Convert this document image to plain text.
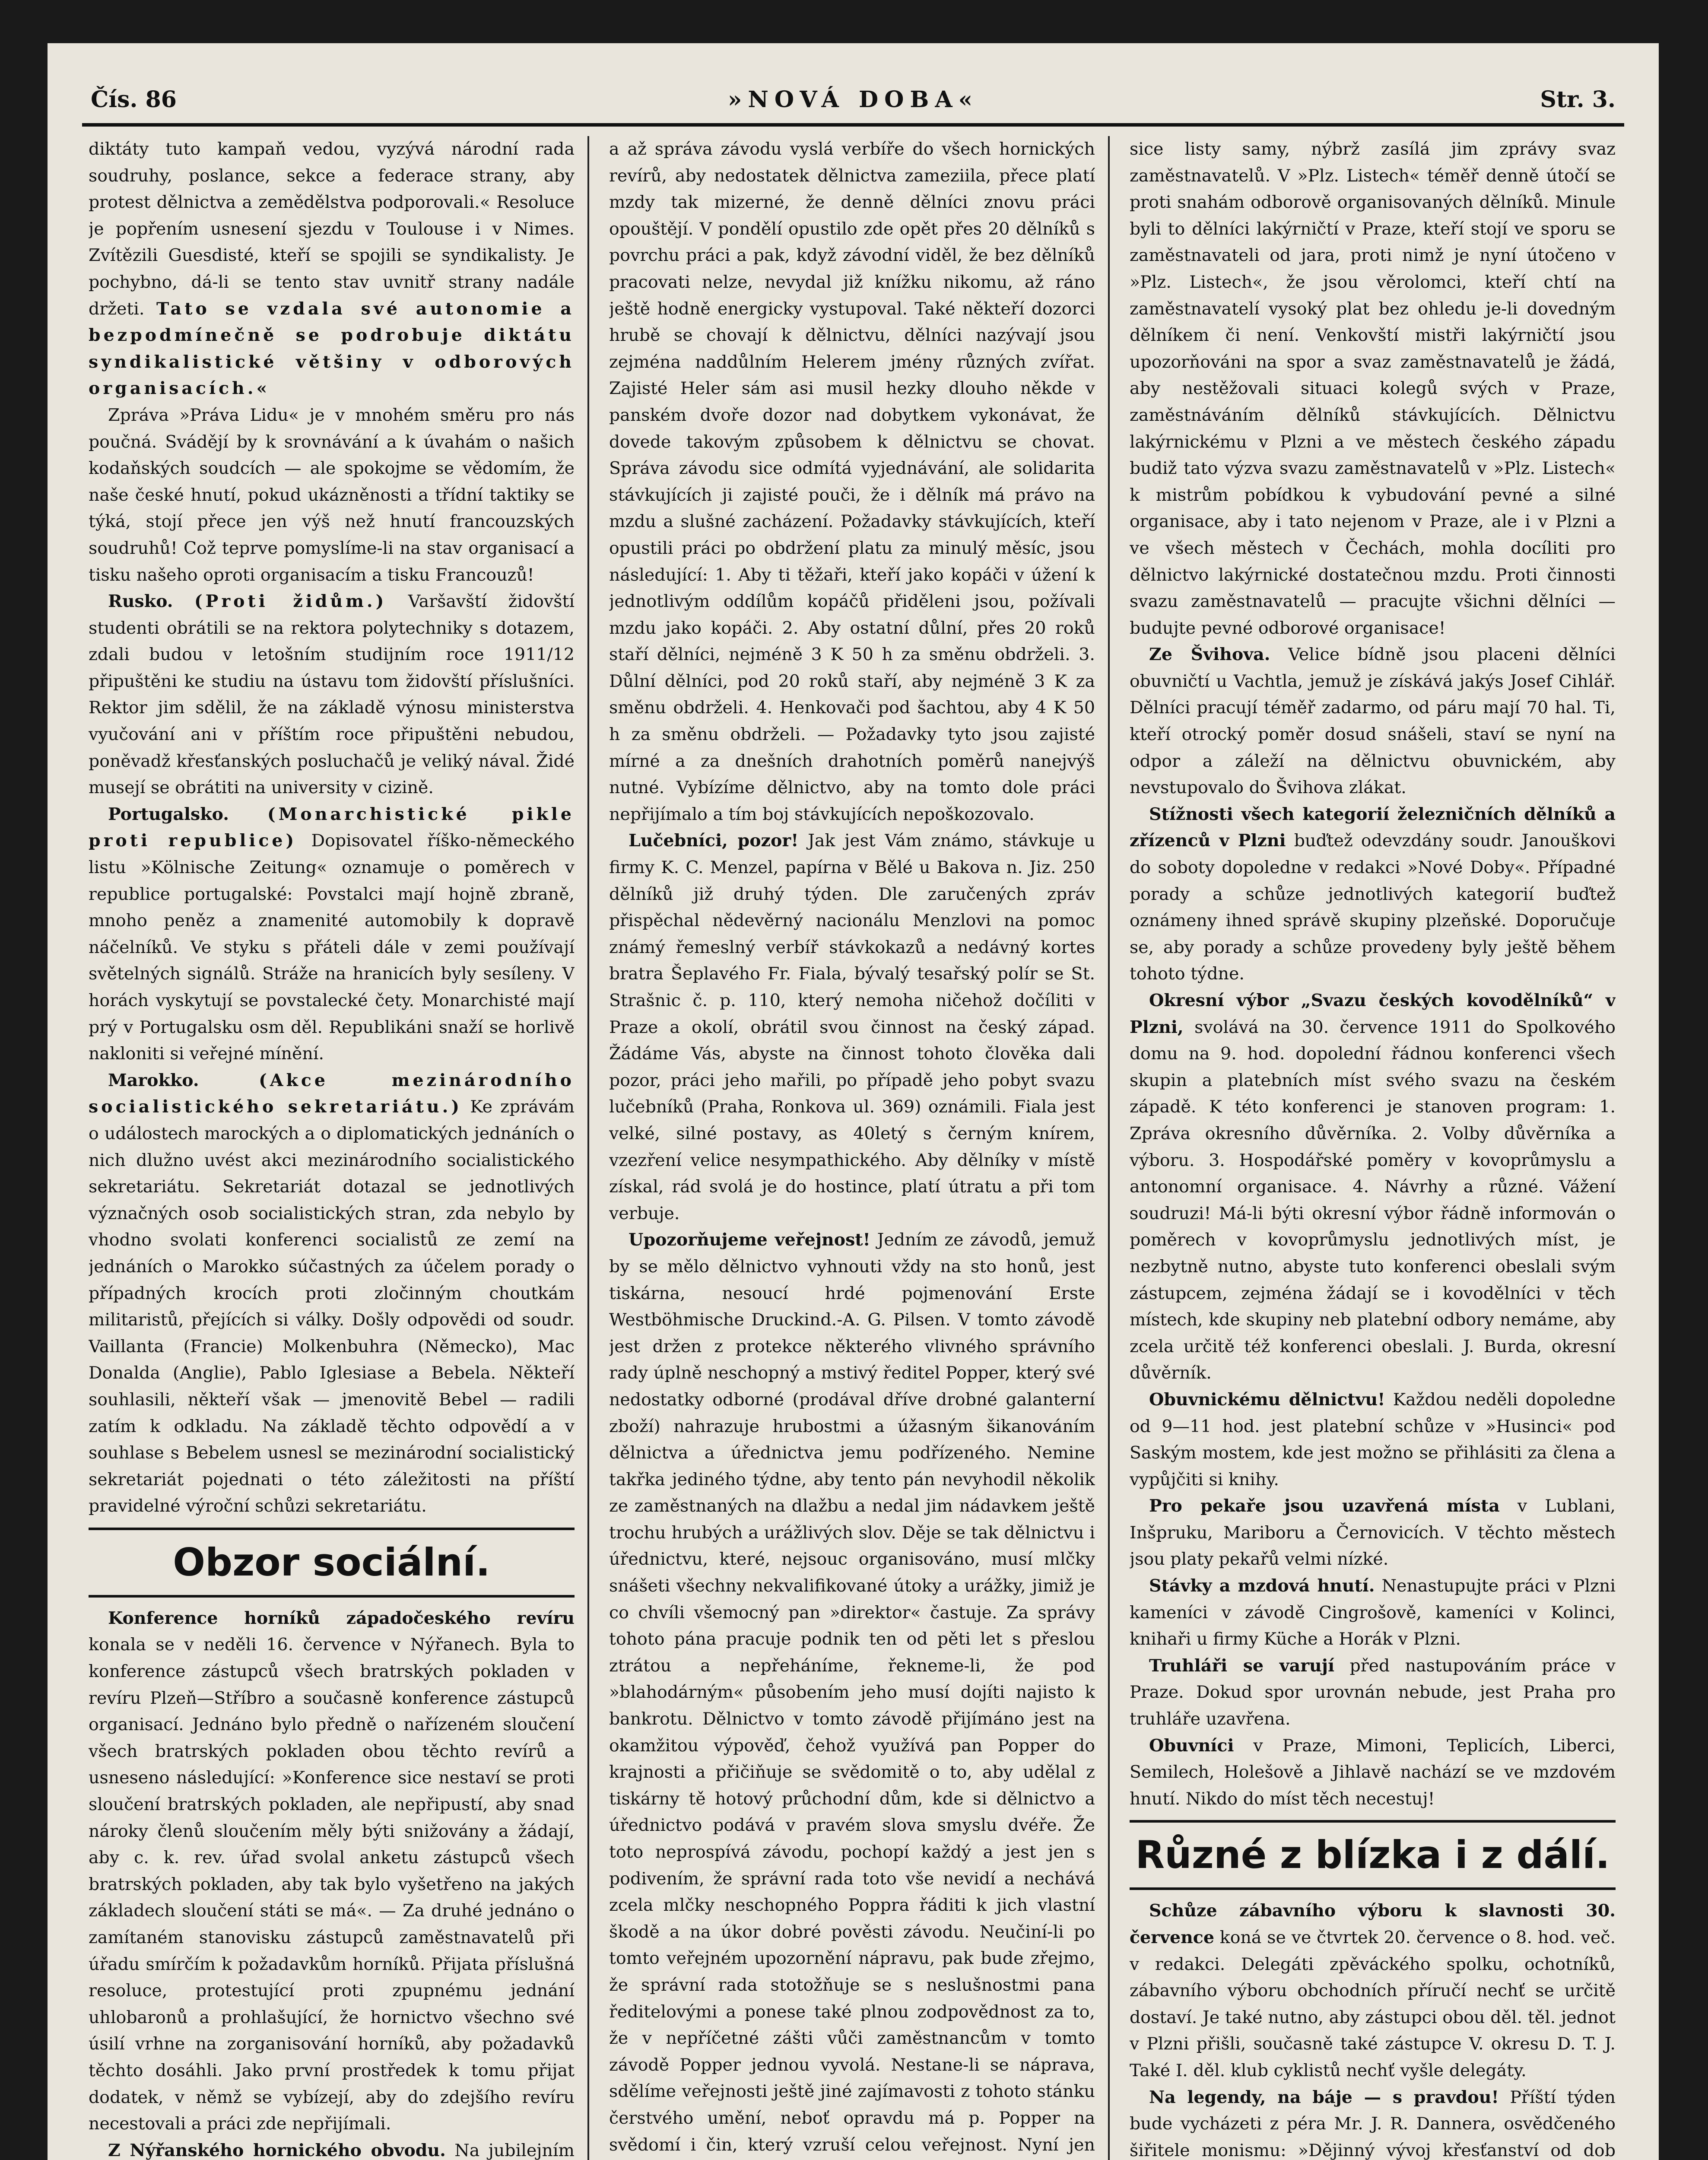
Čís. 86	»NOVÁ DOBA«	Str. 3.

diktáty tuto kampaň vedou, vyzývá národní rada soudruhy, poslance, sekce a federace strany, aby protest dělnictva a zemědělstva podporovali.« Resoluce je popřením usnesení sjezdu v Toulouse i v Nimes. Zvítězili Guesdisté, kteří se spojili se syndikalisty. Je pochybno, dá-li se tento stav uvnitř strany nadále držeti. Tato se vzdala své autonomie a bezpodmínečně se podrobuje diktátu syndikalistické většiny v odborových organisacích.«

Zpráva »Práva Lidu« je v mnohém směru pro nás poučná. Svádějí by k srovnávání a k úvahám o našich kodaňských soudcích — ale spokojme se vědomím, že naše české hnutí, pokud ukázněnosti a třídní taktiky se týká, stojí přece jen výš než hnutí francouzských soudruhů! Což teprve pomyslíme-li na stav organisací a tisku našeho oproti organisacím a tisku Francouzů!

Rusko. (Proti židům.) Varšavští židovští studenti obrátili se na rektora polytechniky s dotazem, zdali budou v letošním studijním roce 1911/12 připuštěni ke studiu na ústavu tom židovští příslušníci. Rektor jim sdělil, že na základě výnosu ministerstva vyučování ani v příštím roce připuštěni nebudou, poněvadž křesťanských posluchačů je veliký nával. Židé musejí se obrátiti na university v cizině.

Portugalsko. (Monarchistické pikle proti republice) Dopisovatel říško-německého listu »Kölnische Zeitung« oznamuje o poměrech v republice portugalské: Povstalci mají hojně zbraně, mnoho peněz a znamenité automobily k dopravě náčelníků. Ve styku s přáteli dále v zemi používají světelných signálů. Stráže na hranicích byly sesíleny. V horách vyskytují se povstalecké čety. Monarchisté mají prý v Portugalsku osm děl. Republikáni snaží se horlivě nakloniti si veřejné mínění.

Marokko.	(Akce mezinárodního socialistického sekretariátu.) Ke zprávám o událostech marockých a o diplomatických jednáních o nich dlužno uvést akci mezinárodního socialistického sekretariátu. Sekretariát dotazal se jednotlivých význačných osob socialistických stran, zda nebylo by vhodno svolati konferenci socialistů ze zemí na jednáních o Marokko súčastných za účelem porady o případných krocích proti zločinným choutkám militaristů, přejících si války. Došly odpovědi od soudr. Vaillanta (Francie) Molkenbuhra (Německo), Mac Donalda (Anglie), Pablo Iglesiase a Bebela. Někteří souhlasili, někteří však — jmenovitě Bebel — radili zatím k odkladu. Na základě těchto odpovědí a v souhlase s Bebelem usnesl se mezinárodní socialistický sekretariát pojednati o této záležitosti na příští pravidelné výroční schůzi sekretariátu.

Obzor sociální.

Konference horníků západočeského revíru konala se v neděli 16. července v Nýřanech. Byla to konference zástupců všech bratrských pokladen v revíru Plzeň—Stříbro a současně konference zástupců organisací. Jednáno bylo předně o nařízeném sloučení všech bratrských pokladen obou těchto revírů a usneseno následující: »Konference sice nestaví se proti sloučení bratrských pokladen, ale nepřipustí, aby snad nároky členů sloučením měly býti snižovány a žádají, aby c. k. rev. úřad svolal anketu zástupců všech bratrských pokladen, aby tak bylo vyšetřeno na jakých základech sloučení státi se má«. — Za druhé jednáno o zamítaném stanovisku zástupců zaměstnavatelů při úřadu smírčím k požadavkům horníků. Přijata příslušná resoluce, protestující proti zpupnému jednání uhlobaronů a prohlašující, že hornictvo všechno své úsilí vrhne na zorganisování horníků, aby požadavků těchto dosáhli. Jako první prostředek k tomu přijat dodatek, v němž se vybízejí, aby do zdejšího revíru necestovali a práci zde nepřijímali.

Z Nýřanského hornického obvodu. Na jubilejním

a až správa závodu vyslá verbíře do všech hornických revírů, aby nedostatek dělnictva zameziila, přece platí mzdy tak mizerné, že denně dělníci znovu práci opouštějí. V pondělí opustilo zde opět přes 20 dělníků s povrchu práci a pak, když závodní viděl, že bez dělníků pracovati nelze, nevydal již knížku nikomu, až ráno ještě hodně energicky vystupoval. Také někteří dozorci hrubě se chovají k dělnictvu, dělníci nazývají jsou zejména naddůlním Helerem jmény různých zvířat. Zajisté Heler sám asi musil hezky dlouho někde v panském dvoře dozor nad dobytkem vykonávat, že dovede takovým způsobem k dělnictvu se chovat. Správa závodu sice odmítá vyjednávání, ale solidarita stávkujících ji zajisté pouči, že i dělník má právo na mzdu a slušné zacházení. Požadavky stávkujících, kteří opustili práci po obdržení platu za minulý měsíc, jsou následující: 1. Aby ti těžaři, kteří jako kopáči v úžení k jednotlivým oddílům kopáčů přiděleni jsou, požívali mzdu jako kopáči. 2. Aby ostatní důlní, přes 20 roků staří dělníci, nejméně 3 K 50 h za směnu obdrželi. 3. Důlní dělníci, pod 20 roků staří, aby nejméně 3 K za směnu obdrželi. 4. Henkovači pod šachtou, aby 4 K 50 h za směnu obdrželi. — Požadavky tyto jsou zajisté mírné a za dnešních drahotních poměrů nanejvýš nutné. Vybízíme dělnictvo, aby na tomto dole práci nepřijímalo a tím boj stávkujících nepoškozovalo.

Lučebníci, pozor! Jak jest Vám známo, stávkuje u firmy K. C. Menzel, papírna v Bělé u Bakova n. Jiz. 250 dělníků již druhý týden. Dle zaručených zpráv přispěchal nědevěrný nacionálu Menzlovi na pomoc známý řemeslný verbíř stávkokazů a nedávný kortes bratra Šeplavého Fr. Fiala, bývalý tesařský polír se St. Strašnic č. p. 110, který nemoha ničehož dočíliti v Praze a okolí, obrátil svou činnost na český západ. Žádáme Vás, abyste na činnost tohoto člověka dali pozor, práci jeho mařili, po případě jeho pobyt svazu lučebníků (Praha, Ronkova ul. 369) oznámili. Fiala jest velké, silné postavy, as 40letý s černým knírem, vzezření velice nesympathického. Aby dělníky v místě získal, rád svolá je do hostince, platí útratu a při tom verbuje.

Upozorňujeme veřejnost! Jedním ze závodů, jemuž by se mělo dělnictvo vyhnouti vždy na sto honů, jest tiskárna, nesoucí hrdé pojmenování Erste Westböhmische Druckind.-A. G. Pilsen. V tomto závodě jest držen z protekce některého vlivného správního rady úplně neschopný a mstivý ředitel Popper, který své nedostatky odborné (prodával dříve drobné galanterní zboží) nahrazuje hrubostmi a úžasným šikanováním dělnictva a úřednictva jemu podřízeného. Nemine takřka jediného týdne, aby tento pán nevyhodil několik ze zaměstnaných na dlažbu a nedal jim nádavkem ještě trochu hrubých a urážlivých slov. Děje se tak dělnictvu i úřednictvu, které, nejsouc organisováno, musí mlčky snášeti všechny nekvalifikované útoky a urážky, jimiž je co chvíli všemocný pan »direktor« častuje. Za správy tohoto pána pracuje podnik ten od pěti let s přeslou ztrátou a nepřeháníme, řekneme-li, že pod »blahodárným« působením jeho musí dojíti najisto k bankrotu. Dělnictvo v tomto závodě přijímáno jest na okamžitou výpověď, čehož využívá pan Popper do krajnosti a přičiňuje se svědomitě o to, aby udělal z tiskárny tě hotový průchodní dům, kde si dělnictvo a úřednictvo podává v pravém slova smyslu dvéře. Že toto neprospívá závodu, pochopí každý a jest jen s podivením, že správní rada toto vše nevidí a nechává zcela mlčky neschopného Poppra řáditi k jich vlastní škodě a na úkor dobré pověsti závodu. Neučiní-li po tomto veřejném upozornění nápravu, pak bude zřejmo, že správní rada stotožňuje se s neslušnostmi pana ředitelovými a ponese také plnou zodpovědnost za to, že v nepříčetné zášti vůči zaměstnancům v tomto závodě Popper jednou vyvolá. Nestane-li se náprava, sdělíme veřejnosti ještě jiné zajímavosti z tohoto stánku čerstvého umění, neboť opravdu má p. Popper na svědomí i čin, který vzruší celou veřejnost. Nyní jen

sice listy samy, nýbrž zasílá jim zprávy svaz zaměstnavatelů. V »Plz. Listech« téměř denně útočí se proti snahám odborově organisovaných dělníků. Minule byli to dělníci lakýrničtí v Praze, kteří stojí ve sporu se zaměstnavateli od jara, proti nimž je nyní útočeno v »Plz. Listech«, že jsou věrolomci, kteří chtí na zaměstnavatelí vysoký plat bez ohledu je-li dovedným dělníkem či není. Venkovští mistři lakýrničtí jsou upozorňováni na spor a svaz zaměstnavatelů je žádá, aby nestěžovali situaci kolegů svých v Praze, zaměstnáváním dělníků stávkujících. Dělnictvu lakýrnickému v Plzni a ve městech českého západu budiž tato výzva svazu zaměstnavatelů v »Plz. Listech« k mistrům pobídkou k vybudování pevné a silné organisace, aby i tato nejenom v Praze, ale i v Plzni a ve všech městech v Čechách, mohla docíliti pro dělnictvo lakýrnické dostatečnou mzdu. Proti činnosti svazu zaměstnavatelů — pracujte všichni dělníci — budujte pevné odborové organisace!

Ze Švihova. Velice bídně jsou placeni dělníci obuvničtí u Vachtla, jemuž je získává jakýs Josef Cihlář. Dělníci pracují téměř zadarmo, od páru mají 70 hal. Ti, kteří otrocký poměr dosud snášeli, staví se nyní na odpor a záleží na dělnictvu obuvnickém, aby nevstupovalo do Švihova zlákat.

Stížnosti všech kategorií železničních dělníků a zřízenců v Plzni buďtež odevzdány soudr. Janouškovi do soboty dopoledne v redakci »Nové Doby«. Případné porady a schůze jednotlivých kategorií buďtež oznámeny ihned správě skupiny plzeňské. Doporučuje se, aby porady a schůze provedeny byly ještě během tohoto týdne.

Okresní výbor „Svazu českých kovodělníků“ v Plzni, svolává na 30. července 1911 do Spolkového domu na 9. hod. dopolední řádnou konferenci všech skupin a platebních míst svého svazu na českém západě. K této konferenci je stanoven program: 1. Zpráva okresního důvěrníka. 2. Volby důvěrníka a výboru. 3. Hospodářské poměry v kovoprůmyslu a antonomní organisace. 4. Návrhy a různé. Vážení soudruzi! Má-li býti okresní výbor řádně informován o poměrech v kovoprůmyslu jednotlivých míst, je nezbytně nutno, abyste tuto konferenci obeslali svým zástupcem, zejména žádají se i kovodělníci v těch místech, kde skupiny neb platební odbory nemáme, aby zcela určitě též konferenci obeslali. J. Burda, okresní důvěrník.

Obuvnickému dělnictvu! Každou neděli dopoledne od 9—11 hod. jest platební schůze v »Husinci« pod Saským mostem, kde jest možno se přihlásiti za člena a vypůjčiti si knihy.

Pro pekaře jsou uzavřená místa v Lublani, Inšpruku, Mariboru a Černovicích. V těchto městech jsou platy pekařů velmi nízké.

Stávky a mzdová hnutí. Nenastupujte práci v Plzni kameníci v závodě Cingrošově, kameníci v Kolinci, knihaři u firmy Küche a Horák v Plzni.

Truhláři se varují před nastupováním práce v Praze. Dokud spor urovnán nebude, jest Praha pro truhláře uzavřena.

Obuvníci v Praze, Mimoni, Teplicích, Liberci, Semilech, Holešově a Jihlavě nachází se ve mzdovém hnutí. Nikdo do míst těch necestuj!

Různé z blízka i z dálí.

Schůze zábavního výboru k slavnosti 30. července koná se ve čtvrtek 20. července o 8. hod. več. v redakci. Delegáti zpěváckého spolku, ochotníků, zábavního výboru obchodních příručí nechť se určitě dostaví. Je také nutno, aby zástupci obou děl. těl. jednot v Plzni přišli, současně také zástupce V. okresu D. T. J. Také I. děl. klub cyklistů nechť vyšle delegáty.

Na legendy, na báje — s pravdou! Příští týden bude vycházeti z péra Mr. J. R. Dannera, osvědčeného šiřitele monismu: »Dějinný vývoj křesťanství od dob
